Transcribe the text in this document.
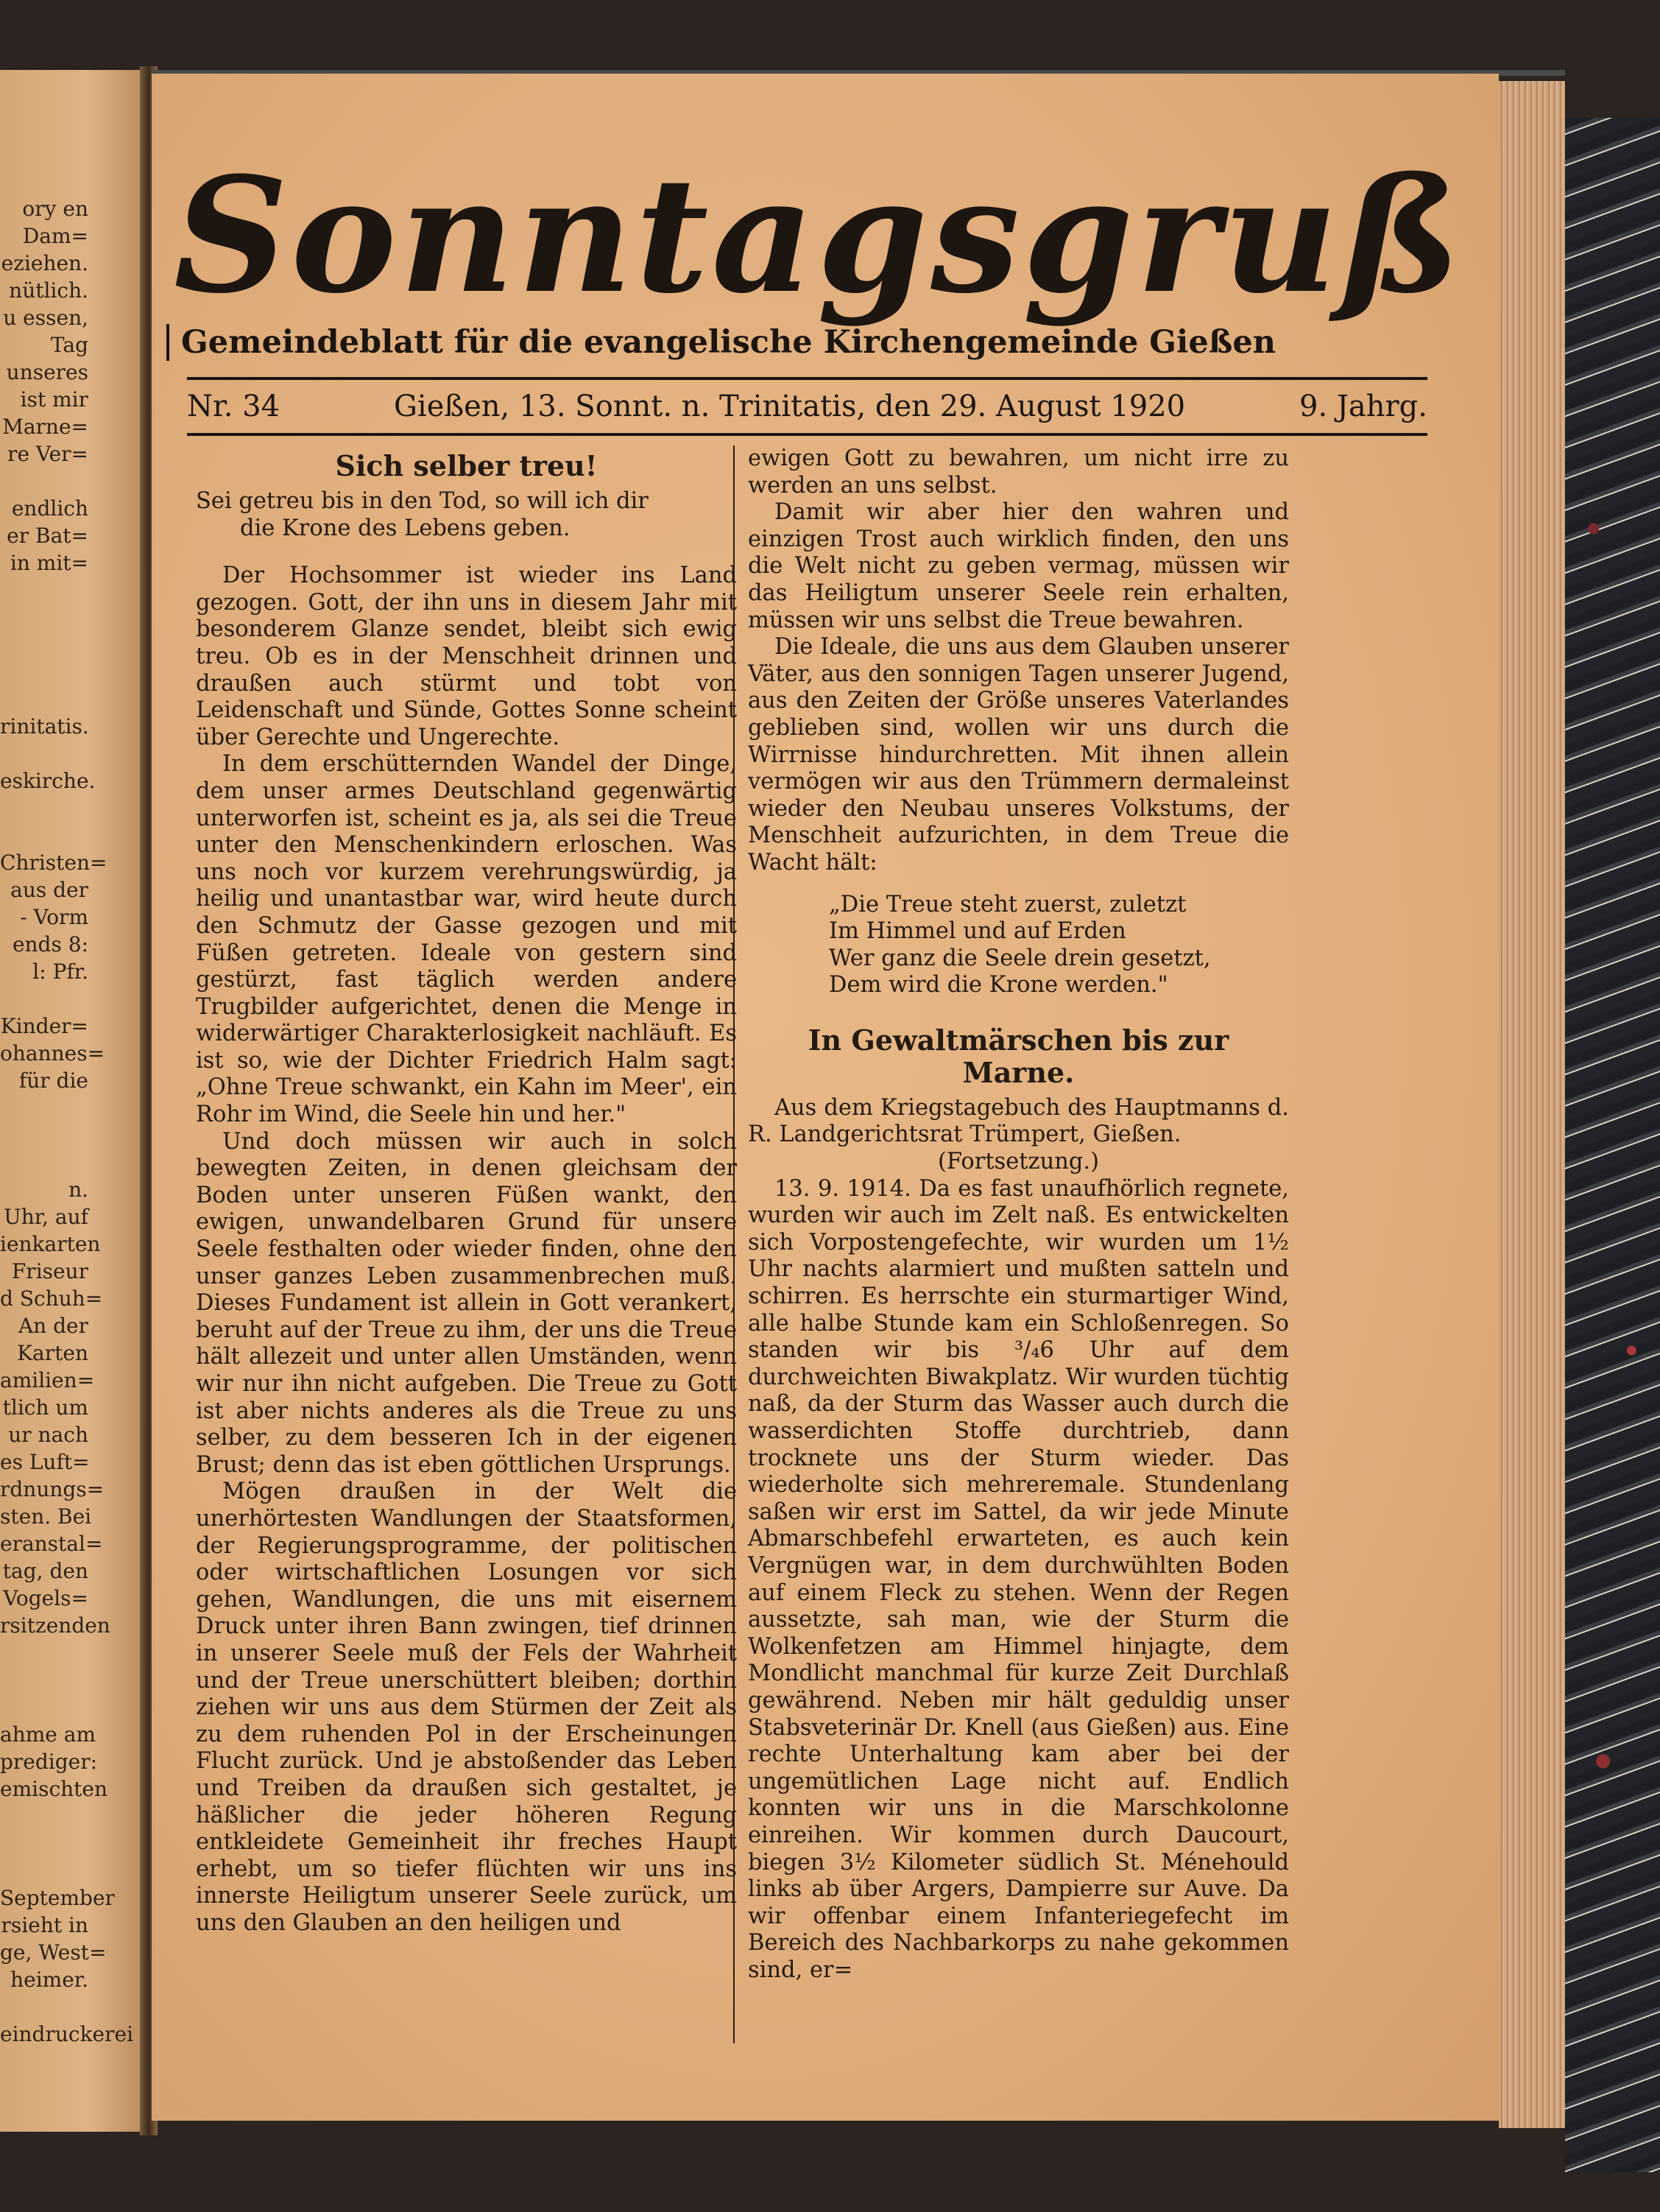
ory en
Dam=
eziehen.
nütlich.
u essen,
Tag
unseres
ist mir
Marne=
re Ver=

endlich
er Bat=
in mit=

rinitatis.

eskirche.

Christen=
aus der
- Vorm
ends 8:
l: Pfr.

Kinder=
ohannes=
für die

n.
Uhr, auf
ienkarten
Friseur
d Schuh=
An der
Karten
amilien=
tlich um
ur nach
es Luft=
rdnungs=
sten. Bei
eranstal=
tag, den
Vogels=
rsitzenden

ahme am
prediger:
emischten

September
rsieht in
ge, West=
heimer.

eindruckerei
Sonntagsgruß
Gemeindeblatt für die evangelische Kirchengemeinde Gießen
Nr. 34	Gießen, 13. Sonnt. n. Trinitatis, den 29. August 1920	9. Jahrg.
Sich selber treu!
Sei getreu bis in den Tod, so will ich dir
die Krone des Lebens geben.

Der Hochsommer ist wieder ins Land gezogen. Gott, der ihn uns in diesem Jahr mit besonderem Glanze sendet, bleibt sich ewig treu. Ob es in der Menschheit drinnen und draußen auch stürmt und tobt von Leidenschaft und Sünde, Gottes Sonne scheint über Gerechte und Ungerechte.

In dem erschütternden Wandel der Dinge, dem unser armes Deutschland gegenwärtig unterworfen ist, scheint es ja, als sei die Treue unter den Menschenkindern erloschen. Was uns noch vor kurzem verehrungswürdig, ja heilig und unantastbar war, wird heute durch den Schmutz der Gasse gezogen und mit Füßen getreten. Ideale von gestern sind gestürzt, fast täglich werden andere Trugbilder aufgerichtet, denen die Menge in widerwärtiger Charakterlosigkeit nachläuft. Es ist so, wie der Dichter Friedrich Halm sagt: „Ohne Treue schwankt, ein Kahn im Meer', ein Rohr im Wind, die Seele hin und her."

Und doch müssen wir auch in solch bewegten Zeiten, in denen gleichsam der Boden unter unseren Füßen wankt, den ewigen, unwandelbaren Grund für unsere Seele festhalten oder wieder finden, ohne den unser ganzes Leben zusammenbrechen muß. Dieses Fundament ist allein in Gott verankert, beruht auf der Treue zu ihm, der uns die Treue hält allezeit und unter allen Umständen, wenn wir nur ihn nicht aufgeben. Die Treue zu Gott ist aber nichts anderes als die Treue zu uns selber, zu dem besseren Ich in der eigenen Brust; denn das ist eben göttlichen Ursprungs.

Mögen draußen in der Welt die unerhörtesten Wandlungen der Staatsformen, der Regierungsprogramme, der politischen oder wirtschaftlichen Losungen vor sich gehen, Wandlungen, die uns mit eisernem Druck unter ihren Bann zwingen, tief drinnen in unserer Seele muß der Fels der Wahrheit und der Treue unerschüttert bleiben; dorthin ziehen wir uns aus dem Stürmen der Zeit als zu dem ruhenden Pol in der Erscheinungen Flucht zurück. Und je abstoßender das Leben und Treiben da draußen sich gestaltet, je häßlicher die jeder höheren Regung entkleidete Gemeinheit ihr freches Haupt erhebt, um so tiefer flüchten wir uns ins innerste Heiligtum unserer Seele zurück, um uns den Glauben an den heiligen und

ewigen Gott zu bewahren, um nicht irre zu werden an uns selbst.

Damit wir aber hier den wahren und einzigen Trost auch wirklich finden, den uns die Welt nicht zu geben vermag, müssen wir das Heiligtum unserer Seele rein erhalten, müssen wir uns selbst die Treue bewahren.

Die Ideale, die uns aus dem Glauben unserer Väter, aus den sonnigen Tagen unserer Jugend, aus den Zeiten der Größe unseres Vaterlandes geblieben sind, wollen wir uns durch die Wirrnisse hindurchretten. Mit ihnen allein vermögen wir aus den Trümmern dermaleinst wieder den Neubau unseres Volkstums, der Menschheit aufzurichten, in dem Treue die Wacht hält:

„Die Treue steht zuerst, zuletzt
Im Himmel und auf Erden
Wer ganz die Seele drein gesetzt,
Dem wird die Krone werden."
In Gewaltmärschen bis zur Marne.

Aus dem Kriegstagebuch des Hauptmanns d. R. Landgerichtsrat Trümpert, Gießen.

(Fortsetzung.)

13. 9. 1914. Da es fast unaufhörlich regnete, wurden wir auch im Zelt naß. Es entwickelten sich Vorpostengefechte, wir wurden um 1½ Uhr nachts alarmiert und mußten satteln und schirren. Es herrschte ein sturmartiger Wind, alle halbe Stunde kam ein Schloßenregen. So standen wir bis ³/₄6 Uhr auf dem durchweichten Biwakplatz. Wir wurden tüchtig naß, da der Sturm das Wasser auch durch die wasserdichten Stoffe durchtrieb, dann trocknete uns der Sturm wieder. Das wiederholte sich mehreremale. Stundenlang saßen wir erst im Sattel, da wir jede Minute Abmarschbefehl erwarteten, es auch kein Vergnügen war, in dem durchwühlten Boden auf einem Fleck zu stehen. Wenn der Regen aussetzte, sah man, wie der Sturm die Wolkenfetzen am Himmel hinjagte, dem Mondlicht manchmal für kurze Zeit Durchlaß gewährend. Neben mir hält geduldig unser Stabsveterinär Dr. Knell (aus Gießen) aus. Eine rechte Unterhaltung kam aber bei der ungemütlichen Lage nicht auf. Endlich konnten wir uns in die Marschkolonne einreihen. Wir kommen durch Daucourt, biegen 3½ Kilometer südlich St. Ménehould links ab über Argers, Dampierre sur Auve. Da wir offenbar einem Infanteriegefecht im Bereich des Nachbarkorps zu nahe gekommen sind, er=
